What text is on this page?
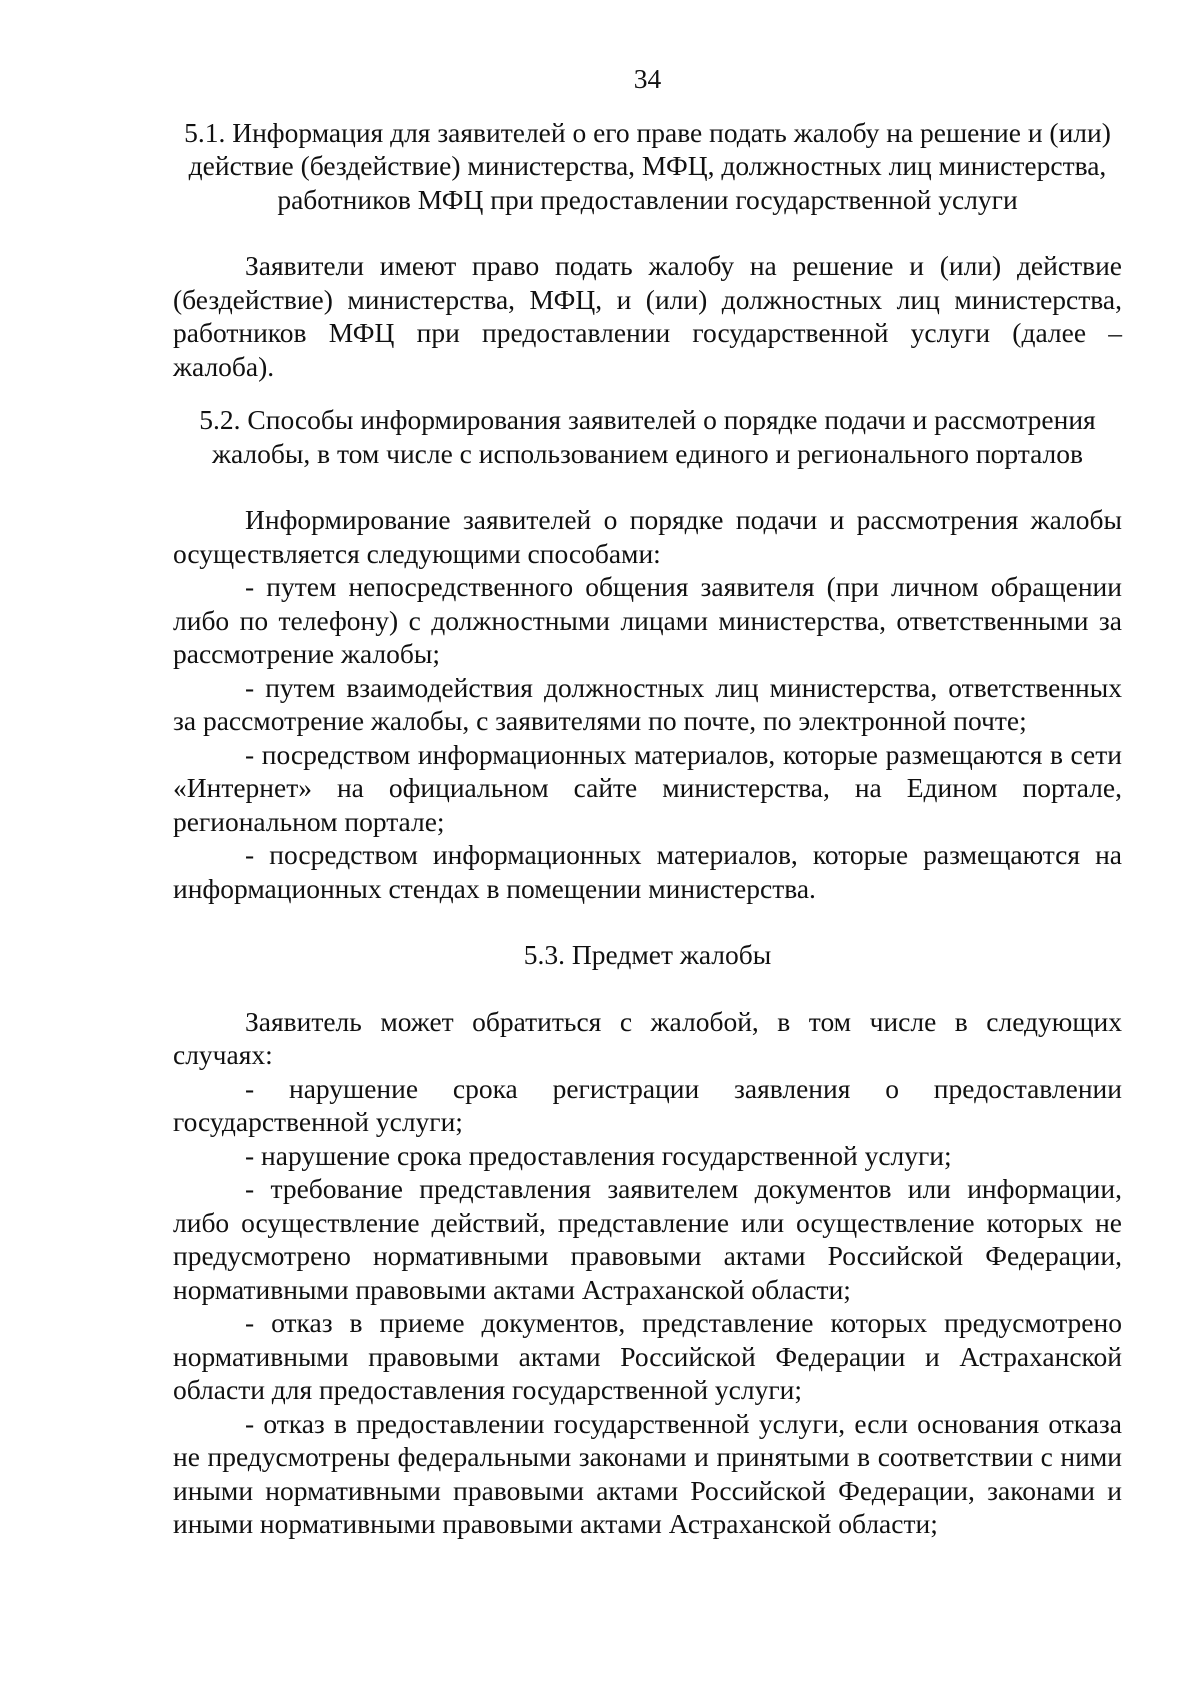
34

5.1. Информация для заявителей о его праве подать жалобу на решение и (или) действие (бездействие) министерства, МФЦ, должностных лиц министерства, работников МФЦ при предоставлении государственной услуги

Заявители имеют право подать жалобу на решение и (или) действие (бездействие) министерства, МФЦ, и (или) должностных лиц министерства, работников МФЦ при предоставлении государственной услуги (далее – жалоба).

5.2. Способы информирования заявителей о порядке подачи и рассмотрения жалобы, в том числе с использованием единого и регионального порталов

Информирование заявителей о порядке подачи и рассмотрения жалобы осуществляется следующими способами:

- путем непосредственного общения заявителя (при личном обращении либо по телефону) с должностными лицами министерства, ответственными за рассмотрение жалобы;

- путем взаимодействия должностных лиц министерства, ответственных за рассмотрение жалобы, с заявителями по почте, по электронной почте;

- посредством информационных материалов, которые размещаются в сети «Интернет» на официальном сайте министерства, на Едином портале, региональном портале;

- посредством информационных материалов, которые размещаются на информационных стендах в помещении министерства.

5.3. Предмет жалобы

Заявитель может обратиться с жалобой, в том числе в следующих случаях:

- нарушение срока регистрации заявления о предоставлении государственной услуги;

- нарушение срока предоставления государственной услуги;

- требование представления заявителем документов или информации, либо осуществление действий, представление или осуществление которых не предусмотрено нормативными правовыми актами Российской Федерации, нормативными правовыми актами Астраханской области;

- отказ в приеме документов, представление которых предусмотрено нормативными правовыми актами Российской Федерации и Астраханской области для предоставления государственной услуги;

- отказ в предоставлении государственной услуги, если основания отказа не предусмотрены федеральными законами и принятыми в соответствии с ними иными нормативными правовыми актами Российской Федерации, законами и иными нормативными правовыми актами Астраханской области;
